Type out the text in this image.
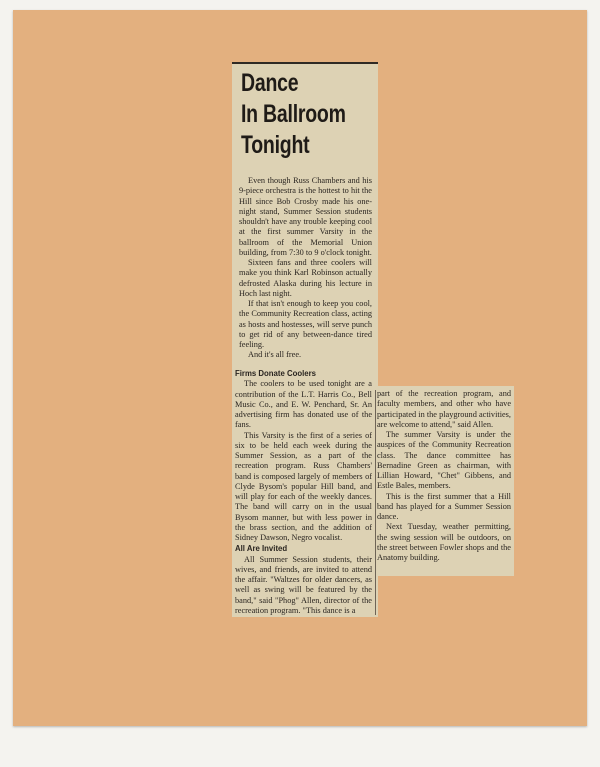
Dance
In Ballroom
Tonight

Even though Russ Chambers and his 9-piece orchestra is the hottest to hit the Hill since Bob Crosby made his one-night stand, Summer Session students shouldn't have any trouble keeping cool at the first summer Varsity in the ballroom of the Memorial Union building, from 7:30 to 9 o'clock tonight.

Sixteen fans and three coolers will make you think Karl Robinson actually defrosted Alaska during his lecture in Hoch last night.

If that isn't enough to keep you cool, the Community Recreation class, acting as hosts and hostesses, will serve punch to get rid of any between-dance tired feeling.

And it's all free.

Firms Donate Coolers

The coolers to be used tonight are a contribution of the L.T. Harris Co., Bell Music Co., and E. W. Penchard, Sr. An advertising firm has donated use of the fans.

This Varsity is the first of a series of six to be held each week during the Summer Session, as a part of the recreation program. Russ Chambers' band is composed largely of members of Clyde Bysom's popular Hill band, and will play for each of the weekly dances. The band will carry on in the usual Bysom manner, but with less power in the brass section, and the addition of Sidney Dawson, Negro vocalist.

All Are Invited

All Summer Session students, their wives, and friends, are invited to attend the affair. "Waltzes for older dancers, as well as swing will be featured by the band," said "Phog" Allen, director of the recreation program. "This dance is a

part of the recreation program, and faculty members, and other who have participated in the playground activities, are welcome to attend," said Allen.

The summer Varsity is under the auspices of the Community Recreation class. The dance committee has Bernadine Green as chairman, with Lillian Howard, "Chet" Gibbens, and Estle Bales, members.

This is the first summer that a Hill band has played for a Summer Session dance.

Next Tuesday, weather permitting, the swing session will be outdoors, on the street between Fowler shops and the Anatomy building.
